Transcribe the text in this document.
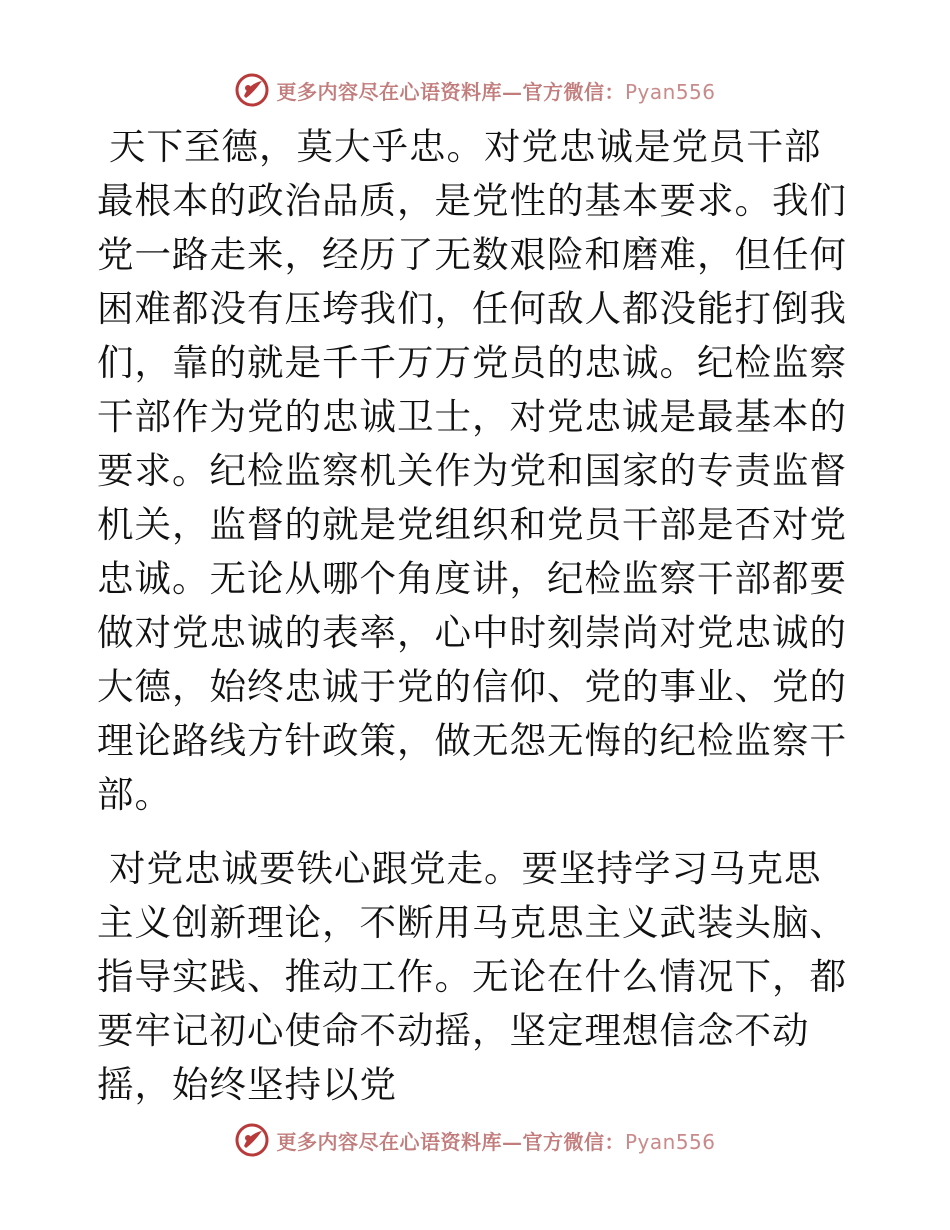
更多内容尽在心语资料库—官方微信：Pyan556

天下至德，莫大乎忠。对党忠诚是党员干部最根本的政治品质，是党性的基本要求。我们党一路走来，经历了无数艰险和磨难，但任何困难都没有压垮我们，任何敌人都没能打倒我们，靠的就是千千万万党员的忠诚。纪检监察干部作为党的忠诚卫士，对党忠诚是最基本的要求。纪检监察机关作为党和国家的专责监督机关，监督的就是党组织和党员干部是否对党忠诚。无论从哪个角度讲，纪检监察干部都要做对党忠诚的表率，心中时刻崇尚对党忠诚的大德，始终忠诚于党的信仰、党的事业、党的理论路线方针政策，做无怨无悔的纪检监察干部。

对党忠诚要铁心跟党走。要坚持学习马克思主义创新理论，不断用马克思主义武装头脑、指导实践、推动工作。无论在什么情况下，都要牢记初心使命不动摇，坚定理想信念不动摇，始终坚持以党

更多内容尽在心语资料库—官方微信：Pyan556
